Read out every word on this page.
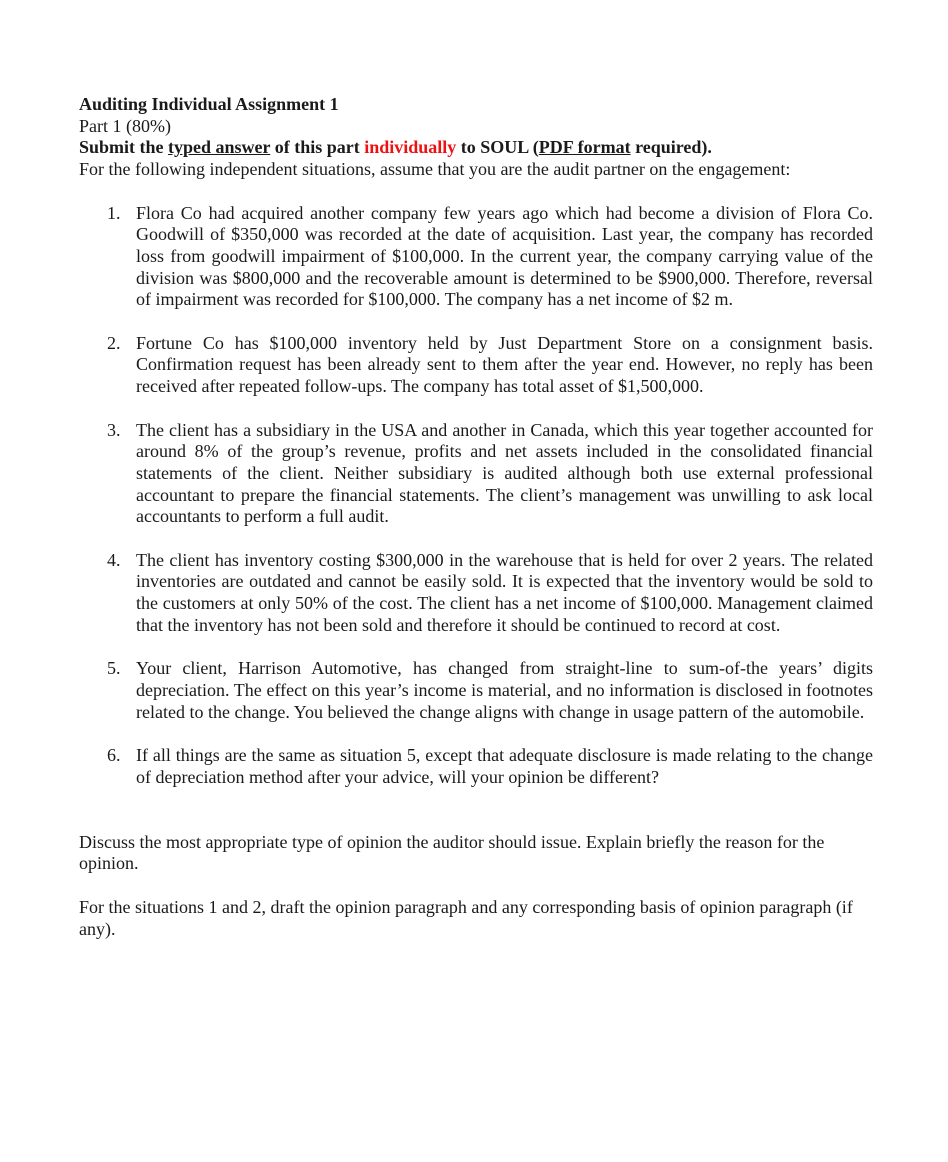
Auditing Individual Assignment 1

Part 1 (80%)

Submit the typed answer of this part individually to SOUL (PDF format required).

For the following independent situations, assume that you are the audit partner on the engagement:

1. Flora Co had acquired another company few years ago which had become a division of Flora Co. Goodwill of $350,000 was recorded at the date of acquisition. Last year, the company has recorded loss from goodwill impairment of $100,000. In the current year, the company carrying value of the division was $800,000 and the recoverable amount is determined to be $900,000. Therefore, reversal of impairment was recorded for $100,000. The company has a net income of $2 m.
2. Fortune Co has $100,000 inventory held by Just Department Store on a consignment basis. Confirmation request has been already sent to them after the year end. However, no reply has been received after repeated follow-ups. The company has total asset of $1,500,000.
3. The client has a subsidiary in the USA and another in Canada, which this year together accounted for around 8% of the group’s revenue, profits and net assets included in the consolidated financial statements of the client. Neither subsidiary is audited although both use external professional accountant to prepare the financial statements. The client’s management was unwilling to ask local accountants to perform a full audit.
4. The client has inventory costing $300,000 in the warehouse that is held for over 2 years. The related inventories are outdated and cannot be easily sold. It is expected that the inventory would be sold to the customers at only 50% of the cost. The client has a net income of $100,000. Management claimed that the inventory has not been sold and therefore it should be continued to record at cost.
5. Your client, Harrison Automotive, has changed from straight-line to sum-of-the years’ digits depreciation. The effect on this year’s income is material, and no information is disclosed in footnotes related to the change. You believed the change aligns with change in usage pattern of the automobile.
6. If all things are the same as situation 5, except that adequate disclosure is made relating to the change of depreciation method after your advice, will your opinion be different?

Discuss the most appropriate type of opinion the auditor should issue. Explain briefly the reason for the opinion.

For the situations 1 and 2, draft the opinion paragraph and any corresponding basis of opinion paragraph (if any).
